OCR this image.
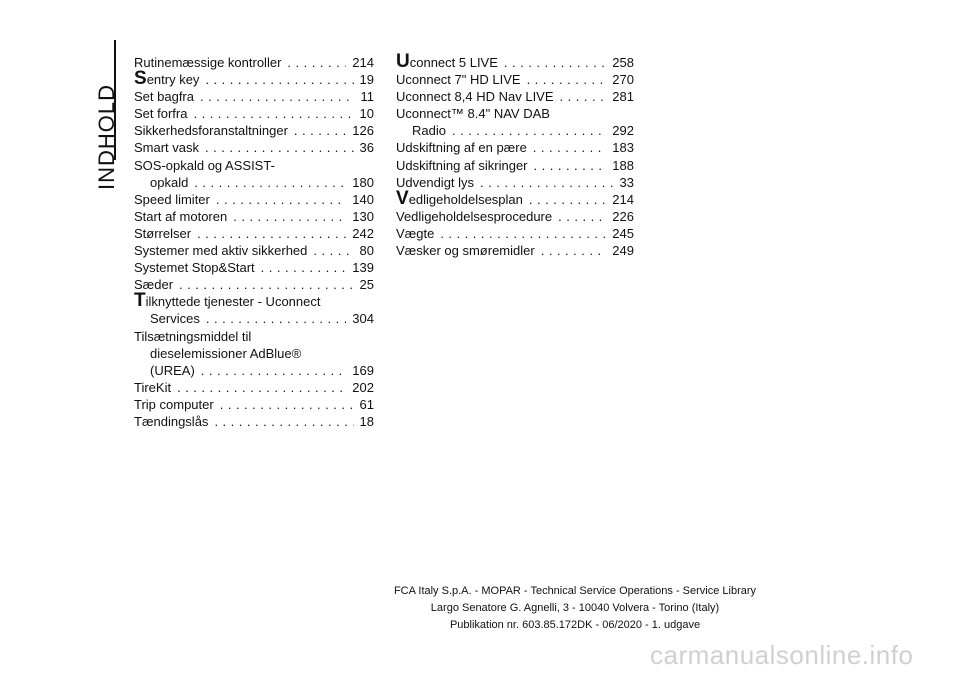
INDHOLD
Rutinemæssige kontroller .....	214
Sentry key .....	19
Set bagfra .....	11
Set forfra .....	10
Sikkerhedsforanstaltninger .....	126
Smart vask .....	36
SOS-opkald og ASSIST-
opkald .....	180
Speed limiter .....	140
Start af motoren .....	130
Størrelser .....	242
Systemer med aktiv sikkerhed .....	80
Systemet Stop&Start .....	139
Sæder .....	25
Tilknyttede tjenester - Uconnect
Services .....	304
Tilsætningsmiddel til
dieselemissioner AdBlue®
(UREA) .....	169
TireKit .....	202
Trip computer .....	61
Tændingslås .....	18
Uconnect 5 LIVE .....	258
Uconnect 7" HD LIVE .....	270
Uconnect 8,4 HD Nav LIVE .....	281
Uconnect™ 8.4" NAV DAB
Radio .....	292
Udskiftning af en pære .....	183
Udskiftning af sikringer .....	188
Udvendigt lys .....	33
Vedligeholdelsesplan .....	214
Vedligeholdelsesprocedure .....	226
Vægte .....	245
Væsker og smøremidler .....	249
FCA Italy S.p.A. - MOPAR - Technical Service Operations - Service Library
Largo Senatore G. Agnelli, 3 - 10040 Volvera - Torino (Italy)
Publikation nr. 603.85.172DK - 06/2020 - 1. udgave
carmanualsonline.info
